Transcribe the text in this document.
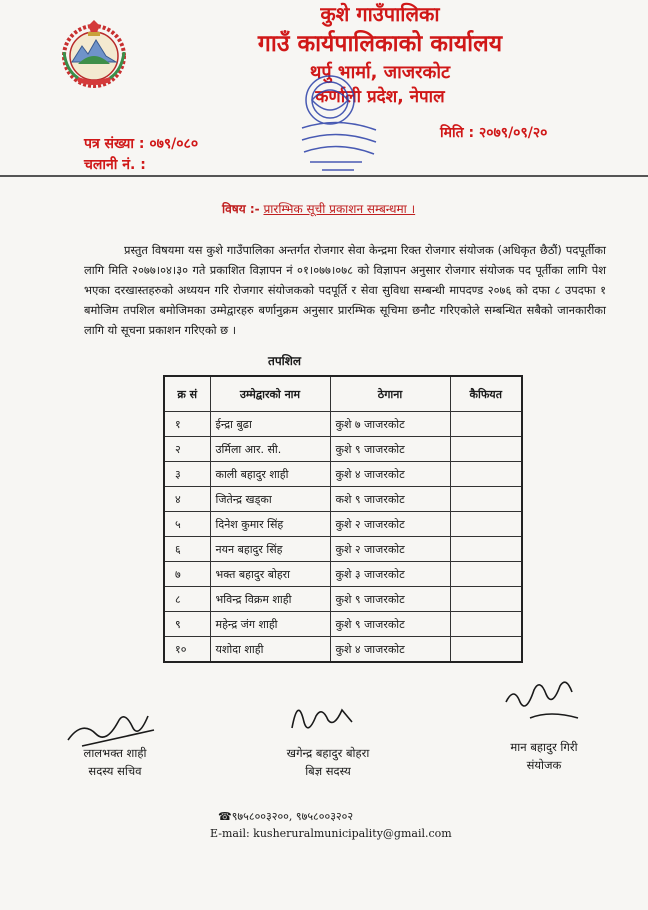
कुशे गाउँपालिका
गाउँ कार्यपालिकाको कार्यालय
थर्पु भार्मा, जाजरकोट
कर्णाली प्रदेश, नेपाल
पत्र संख्या : ०७९/०८०
चलानी नं. :
मिति : २०७९/०९/२०
विषय :- प्रारम्भिक सूची प्रकाशन सम्बन्धमा ।
प्रस्तुत विषयमा यस कुशे गाउँपालिका अन्तर्गत रोजगार सेवा केन्द्रमा रिक्त रोजगार संयोजक (अधिकृत छैठौं) पदपूर्तीका लागि मिति २०७७।०४।३० गते प्रकाशित विज्ञापन नं ०१।०७७।०७८ को विज्ञापन अनुसार रोजगार संयोजक पद पूर्तीका लागि पेश भएका दरखास्तहरुको अध्ययन गरि रोजगार संयोजकको पदपूर्ति र सेवा सुविधा सम्बन्धी मापदण्ड २०७६ को दफा ८ उपदफा १ बमोजिम तपशिल बमोजिमका उम्मेद्वारहरु बर्णानुक्रम अनुसार प्रारम्भिक सूचिमा छनौट गरिएकोले सम्बन्धित सबैको जानकारीका लागि यो सूचना प्रकाशन गरिएको छ ।
तपशिल
क्र सं	उम्मेद्वारको नाम	ठेगाना	कैफियत
१	ईन्द्रा बुढा	कुशे ७ जाजरकोट	
२	उर्मिला आर. सी.	कुशे ९ जाजरकोट	
३	काली बहादुर शाही	कुशे ४ जाजरकोट	
४	जितेन्द्र खड्का	कशे ९ जाजरकोट	
५	दिनेश कुमार सिंह	कुशे २ जाजरकोट	
६	नयन बहादुर सिंह	कुशे २ जाजरकोट	
७	भक्त बहादुर बोहरा	कुशे ३ जाजरकोट	
८	भविन्द्र विक्रम शाही	कुशे ९ जाजरकोट	
९	महेन्द्र जंग शाही	कुशे ९ जाजरकोट	
१०	यशोदा शाही	कुशे ४ जाजरकोट	
लालभक्त शाही
सदस्य सचिव
खगेन्द्र बहादुर बोहरा
बिज्ञ सदस्य
मान बहादुर गिरी
संयोजक
☎९७५८००३२००, ९७५८००३२०२
E-mail: kusheruralmunicipality@gmail.com
